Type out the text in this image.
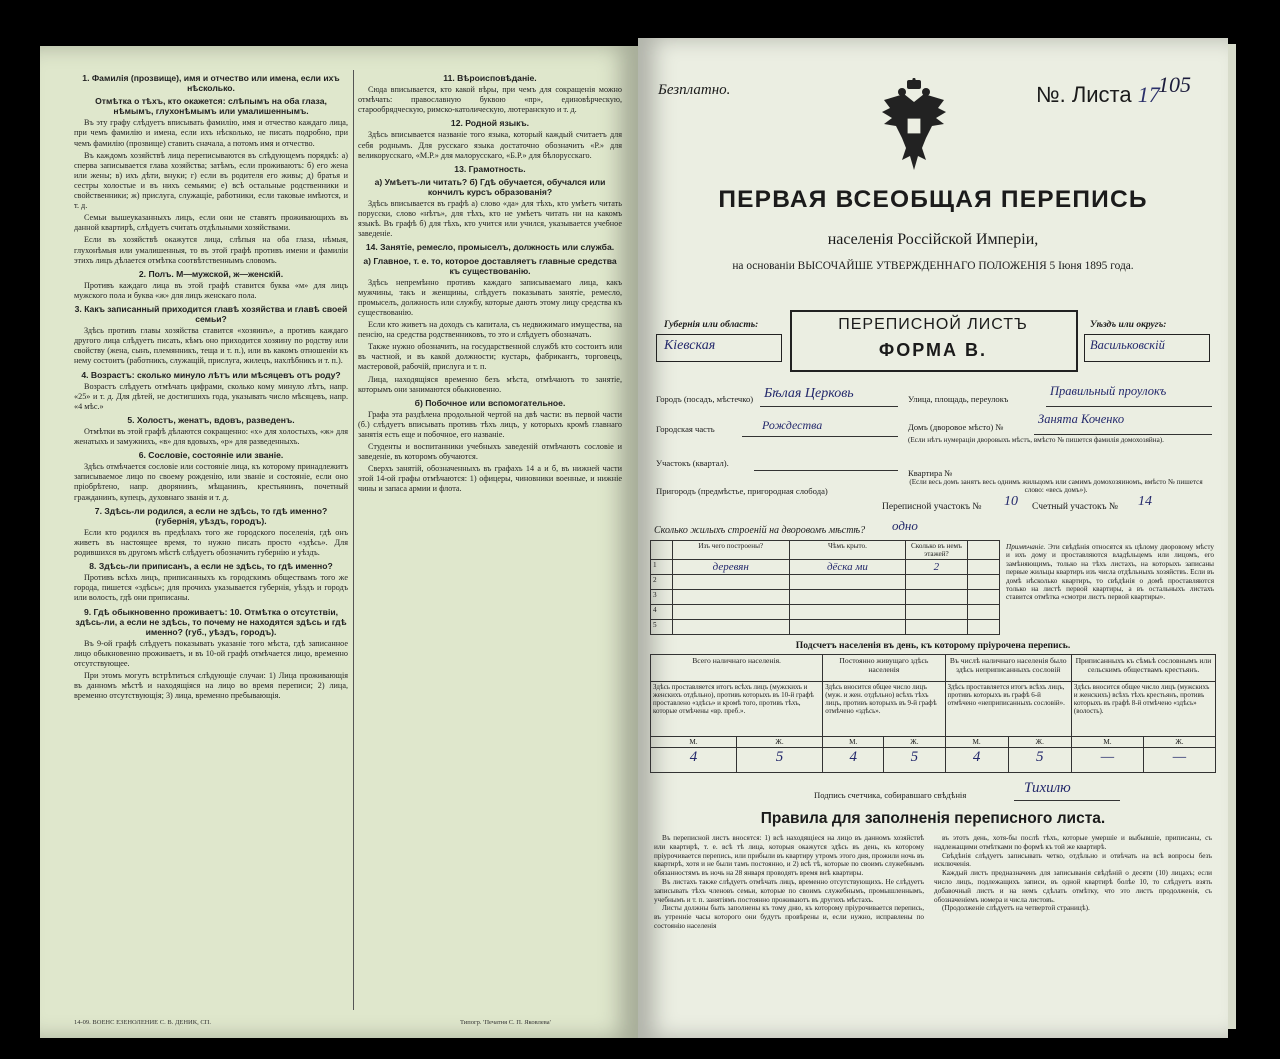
1. Фамилія (прозвище), имя и отчество или имена, если ихъ нѣсколько.
Отмѣтка о тѣхъ, кто окажется: слѣпымъ на оба глаза, нѣмымъ, глухонѣмымъ или умалишеннымъ.

Въ эту графу слѣдуетъ вписывать фамилію, имя и отчество каждаго лица, при чемъ фамилію и имена, если ихъ нѣсколько, не писать подробно, при чемъ фамилію (прозвище) ставить сначала, а потомъ имя и отчество.

Въ каждомъ хозяйствѣ лица переписываются въ слѣдующемъ порядкѣ: а) сперва записывается глава хозяйства; затѣмъ, если проживаютъ: б) его жена или жены; в) ихъ дѣти, внуки; г) если въ родителя его живы; д) братья и сестры холостые и въ нихъ семьями; е) всѣ остальные родственники и свойственники; ж) прислуга, служащіе, работники, если таковые имѣются, и т. д.

Семьи вышеуказанныхъ лицъ, если они не ставятъ проживающихъ въ данной квартирѣ, слѣдуетъ считать отдѣльными хозяйствами.

Если въ хозяйствѣ окажутся лица, слѣпыя на оба глаза, нѣмыя, глухонѣмыя или умалишенныя, то въ этой графѣ противъ имени и фамиліи этихъ лицъ дѣлается отмѣтка соотвѣтственнымъ словомъ.

2. Полъ. М—мужской, ж—женскій.

Противъ каждаго лица въ этой графѣ ставится буква «м» для лицъ мужского пола и буква «ж» для лицъ женскаго пола.

3. Какъ записанный приходится главѣ хозяйства и главѣ своей семьи?

Здѣсь противъ главы хозяйства ставится «хозяинъ», а противъ каждаго другого лица слѣдуетъ писать, кѣмъ оно приходится хозяину по родству или свойству (жена, сынъ, племянникъ, теща и т. п.), или въ какомъ отношеніи къ нему состоитъ (работникъ, служащій, прислуга, жилецъ, нахлѣбникъ и т. п.).

4. Возрастъ: сколько минуло лѣтъ или мѣсяцевъ отъ роду?

Возрастъ слѣдуетъ отмѣчать цифрами, сколько кому минуло лѣтъ, напр. «25» и т. д. Для дѣтей, не достигшихъ года, указывать число мѣсяцевъ, напр. «4 мѣс.»

5. Холостъ, женатъ, вдовъ, разведенъ.

Отмѣтки въ этой графѣ дѣлаются сокращенно: «х» для холостыхъ, «ж» для женатыхъ и замужнихъ, «в» для вдовыхъ, «р» для разведенныхъ.

6. Сословіе, состояніе или званіе.

Здѣсь отмѣчается сословіе или состояніе лица, къ которому принадлежитъ записываемое лицо по своему рожденію, или званіе и состояніе, если оно пріобрѣтено, напр. дворянинъ, мѣщанинъ, крестьянинъ, почетный гражданинъ, купецъ, духовнаго званія и т. д.

7. Здѣсь-ли родился, а если не здѣсь, то гдѣ именно? (губернія, уѣздъ, городъ).

Если кто родился въ предѣлахъ того же городского поселенія, гдѣ онъ живетъ въ настоящее время, то нужно писать просто «здѣсь». Для родившихся въ другомъ мѣстѣ слѣдуетъ обозначить губернію и уѣздъ.

8. Здѣсь-ли приписанъ, а если не здѣсь, то гдѣ именно?

Противъ всѣхъ лицъ, приписанныхъ къ городскимъ обществамъ того же города, пишется «здѣсь»; для прочихъ указывается губернія, уѣздъ и городъ или волость, гдѣ они приписаны.

9. Гдѣ обыкновенно проживаетъ: 10. Отмѣтка о отсутствіи, здѣсь-ли, а если не здѣсь, то почему не находятся здѣсь и гдѣ именно? (губ., уѣздъ, городъ).

Въ 9-ой графѣ слѣдуетъ показывать указаніе того мѣста, гдѣ записанное лицо обыкновенно проживаетъ, и въ 10-ой графѣ отмѣчается лицо, временно отсутствующее.

При этомъ могутъ встрѣтиться слѣдующіе случаи: 1) Лица проживающія въ данномъ мѣстѣ и находящіяся на лицо во время переписи; 2) лица, временно отсутствующія; 3) лица, временно пребывающія.

11. Вѣроисповѣданіе.

Сюда вписывается, кто какой вѣры, при чемъ для сокращенія можно отмѣчать: православную буквою «пр», единовѣрческую, старообрядческую, римско-католическую, лютеранскую и т. д.

12. Родной языкъ.

Здѣсь вписывается названіе того языка, который каждый считаетъ для себя роднымъ. Для русскаго языка достаточно обозначить «Р.» для великорусскаго, «М.Р.» для малорусскаго, «Б.Р.» для бѣлорусскаго.

13. Грамотность.
а) Умѣетъ-ли читать? б) Гдѣ обучается, обучался или кончилъ курсъ образованія?

Здѣсь вписывается въ графѣ а) слово «да» для тѣхъ, кто умѣетъ читать порусски, слово «нѣтъ», для тѣхъ, кто не умѣетъ читать ни на какомъ языкѣ. Въ графѣ б) для тѣхъ, кто учится или учился, указывается учебное заведеніе.

14. Занятіе, ремесло, промыселъ, должность или служба.
а) Главное, т. е. то, которое доставляетъ главные средства къ существованію.

Здѣсь непремѣнно противъ каждаго записываемаго лица, какъ мужчины, такъ и женщины, слѣдуетъ показывать занятіе, ремесло, промыселъ, должность или службу, которые даютъ этому лицу средства къ существованію.

Если кто живетъ на доходъ съ капитала, съ недвижимаго имущества, на пенсію, на средства родственниковъ, то это и слѣдуетъ обозначать.

Также нужно обозначить, на государственной службѣ кто состоитъ или въ частной, и въ какой должности; кустарь, фабрикантъ, торговецъ, мастеровой, рабочій, прислуга и т. п.

Лица, находящіяся временно безъ мѣста, отмѣчаютъ то занятіе, которымъ они занимаются обыкновенно.

б) Побочное или вспомогательное.

Графа эта раздѣлена продольной чертой на двѣ части: въ первой части (б.) слѣдуетъ вписывать противъ тѣхъ лицъ, у которыхъ кромѣ главнаго занятія есть еще и побочное, его названіе.

Студенты и воспитанники учебныхъ заведеній отмѣчаютъ сословіе и заведеніе, въ которомъ обучаются.

Сверхъ занятій, обозначенныхъ въ графахъ 14 а и б, въ нижней части этой 14-ой графы отмѣчаются: 1) офицеры, чиновники военные, и нижніе чины и запаса армии и флота.

14-09. ВОЕНС ЕЗЕНОЛЕНИЕ С. В. ДЕНИК, СП.	Типогр. 'Печатня С. П. Яковлева'
Безплатно.	№. Листа 17
105
ПЕРВАЯ ВСЕОБЩАЯ ПЕРЕПИСЬ
населенія Россійской Имперіи,
на основаніи ВЫСОЧАЙШЕ УТВЕРЖДЕННАГО ПОЛОЖЕНІЯ 5 Іюня 1895 года.
Губернія или область:
Кіевская
ПЕРЕПИСНОЙ ЛИСТЪ
ФОРМА В.
Уѣздъ или округъ:
Васильковскій
Городъ (посадъ, мѣстечко) Бѣлая Церковь
Городская часть	Рождества
Участокъ (квартал).
Пригородъ (предмѣстье, пригородная слобода)
Улица, площадь, переулокъ
Правильный проулокъ
Домъ (дворовое мѣсто) №
Занята Коченко
(Если нѣтъ нумераціи дворовыхъ мѣстъ, вмѣсто № пишется фамилія домохозяйна).
Квартира №
(Если весь домъ занятъ весь однимъ жильцомъ или самимъ домохозяиномъ, вмѣсто № пишется слово: «весь домъ»).
Переписной участокъ № 10 Счетный участокъ № 14
Сколько жилыхъ строеній на дворовомъ мѣстѣ? одно
	Изъ чего построены?	Чѣмъ крыто.	Сколько въ немъ этажей?	
1	деревян	дёска ми	2	
2				
3				
4				
5				
Примѣчаніе. Эти свѣдѣнія относятся къ цѣлому дворовому мѣсту и ихъ дому и проставляются владѣльцемъ или лицомъ, его замѣняющимъ, только на тѣхъ листахъ, на которыхъ записаны первые жильцы квартиръ изъ числа отдѣльныхъ хозяйствъ. Если въ домѣ нѣсколько квартиръ, то свѣдѣнія о домѣ проставляются только на листѣ первой квартиры, а въ остальныхъ листахъ ставится отмѣтка «смотри листъ первой квартиры».
Подсчетъ населенія въ день, къ которому пріурочена перепись.
Всего наличнаго населенія.		Постоянно живущаго здѣсь населенія		Въ числѣ наличнаго населенія было здѣсь неприписанныхъ сословій		Приписанныхъ къ сѣмьѣ сословнымъ или сельскимъ обществамъ крестьянъ.	
Здѣсь проставляется итогъ всѣхъ лицъ (мужскихъ и женскихъ отдѣльно), противъ которыхъ въ 10-й графѣ проставлено «здѣсь» и кромѣ того, противъ тѣхъ, которые отмѣчены «вр. преб.».		Здѣсь вносится общее число лицъ (муж. и жен. отдѣльно) всѣхъ тѣхъ лицъ, противъ которыхъ въ 9-й графѣ отмѣчено «здѣсь».		Здѣсь проставляется итогъ всѣхъ лицъ, противъ которыхъ въ графѣ 6-й отмѣчено «неприписанныхъ сословій».		Здѣсь вносится общее число лицъ (мужскихъ и женскихъ) всѣхъ тѣхъ крестьянъ, противъ которыхъ въ графѣ 8-й отмѣчено «здѣсь» (волость).	
М.	Ж.	М.	Ж.	М.	Ж.	М.	Ж.
4	5	4	5	4	5	—	—
Подпись счетчика, собиравшаго свѣдѣнія	Тихилю
Правила для заполненія переписного листа.

Въ переписной листъ вносятся: 1) всѣ находящіеся на лицо въ данномъ хозяйствѣ или квартирѣ, т. е. всѣ тѣ лица, которыя окажутся здѣсь въ день, къ которому пріурочивается перепись, или прибыли въ квартиру утромъ этого дня, прожили ночь въ квартирѣ, хотя и не были тамъ постоянно, и 2) всѣ тѣ, которые по своимъ служебнымъ обязанностямъ въ ночь на 28 января проводятъ время внѣ квартиры.

Въ листахъ также слѣдуетъ отмѣчать лицъ, временно отсутствующихъ. Не слѣдуетъ записывать тѣхъ членовъ семьи, которые по своимъ служебнымъ, промышленнымъ, учебнымъ и т. п. занятіямъ постоянно проживаютъ въ другихъ мѣстахъ.

Листы должны быть заполнены къ тому дню, къ которому пріурочивается перепись, въ утренніе часы которого они будутъ провѣрены и, если нужно, исправлены по состоянію населенія

въ этотъ день, хотя-бы послѣ тѣхъ, которые умершіе и выбывшіе, приписаны, съ надлежащими отмѣтками по формѣ къ той же квартирѣ.

Свѣдѣнія слѣдуетъ записывать четко, отдѣльно и отвѣчать на всѣ вопросы безъ исключенія.

Каждый листъ предназначенъ для записыванія свѣдѣній о десяти (10) лицахъ; если число лицъ, подлежащихъ записи, въ одной квартирѣ болѣе 10, то слѣдуетъ взять добавочный листъ и на немъ сдѣлать отмѣтку, что это листъ продолженія, съ обозначеніемъ номера и числа листовъ.

(Продолженіе слѣдуетъ на четвертой страницѣ).
